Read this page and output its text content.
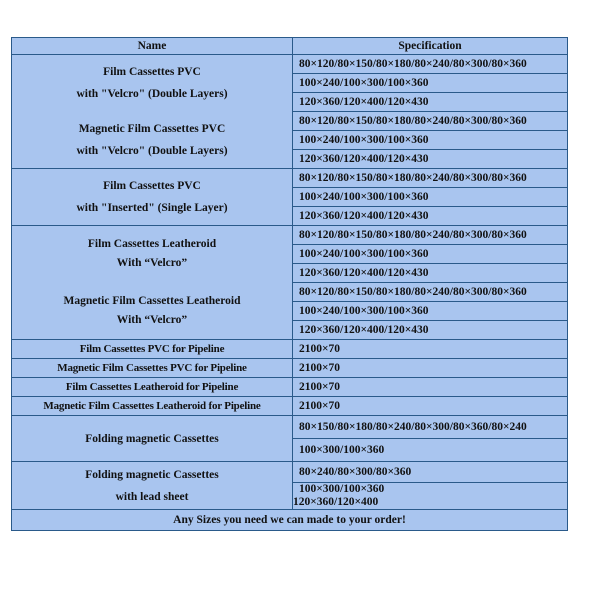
Name	Specification

Film Cassettes PVC
with "Velcro" (Double Layers)	80×120/80×150/80×180/80×240/80×300/80×360
	100×240/100×300/100×360
	120×360/120×400/120×430

Magnetic Film Cassettes PVC
with "Velcro" (Double Layers)	80×120/80×150/80×180/80×240/80×300/80×360
	100×240/100×300/100×360
	120×360/120×400/120×430

Film Cassettes PVC
with "Inserted" (Single Layer)	80×120/80×150/80×180/80×240/80×300/80×360
	100×240/100×300/100×360
	120×360/120×400/120×430

Film Cassettes Leatheroid
With “Velcro”	80×120/80×150/80×180/80×240/80×300/80×360
	100×240/100×300/100×360
	120×360/120×400/120×430

Magnetic Film Cassettes Leatheroid
With “Velcro”	80×120/80×150/80×180/80×240/80×300/80×360
	100×240/100×300/100×360
	120×360/120×400/120×430
Film Cassettes PVC for Pipeline	2100×70
Magnetic Film Cassettes PVC for Pipeline	2100×70
Film Cassettes Leatheroid for Pipeline	2100×70
Magnetic Film Cassettes Leatheroid for Pipeline	2100×70

Folding magnetic Cassettes	80×150/80×180/80×240/80×300/80×360/80×240
	100×300/100×360

Folding magnetic Cassettes
with lead sheet	80×240/80×300/80×360
	100×300/100×360
	120×360/120×400
Any Sizes you need we can made to your order!	
